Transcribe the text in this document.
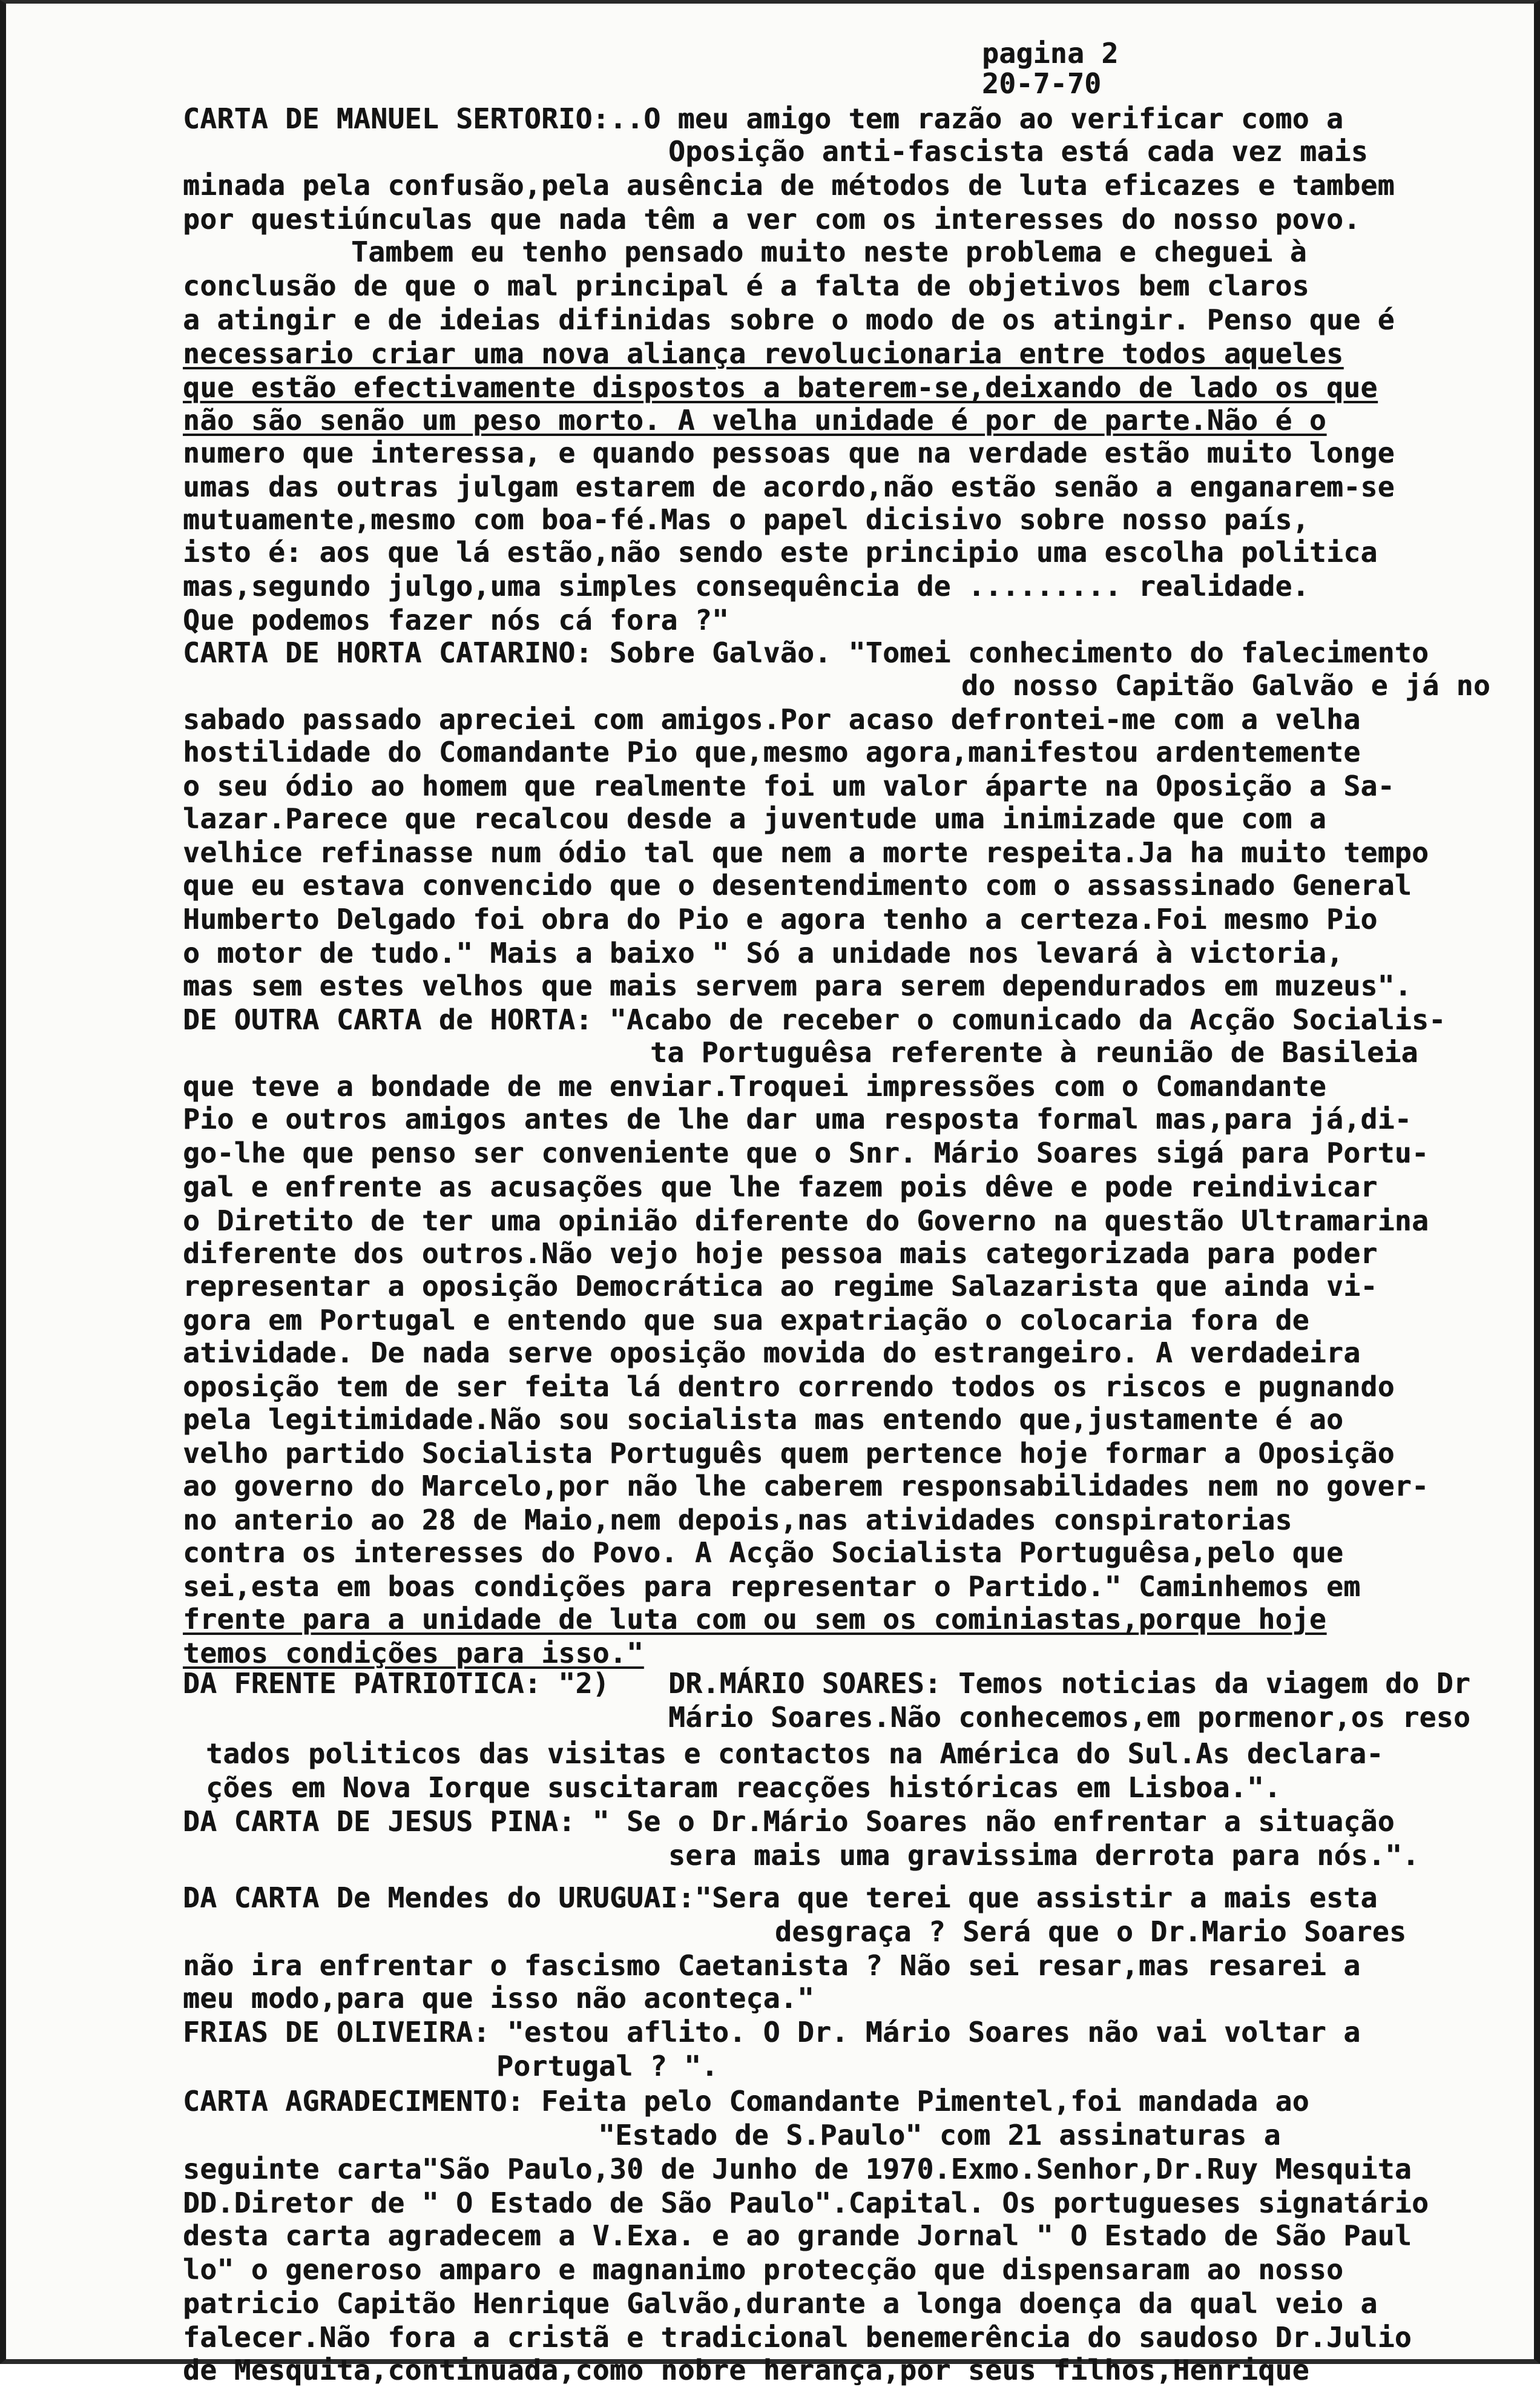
pagina 2
20-7-70
CARTA DE MANUEL SERTORIO:..O meu amigo tem razão ao verificar como a
Oposição anti-fascista está cada vez mais
minada pela confusão,pela ausência de métodos de luta eficazes e tambem
por questiúnculas que nada têm a ver com os interesses do nosso povo.
Tambem eu tenho pensado muito neste problema e cheguei à
conclusão de que o mal principal é a falta de objetivos bem claros
a atingir e de ideias difinidas sobre o modo de os atingir. Penso que é
necessario criar uma nova aliança revolucionaria entre todos aqueles
que estão efectivamente dispostos a baterem-se,deixando de lado os que
não são senão um peso morto. A velha unidade é por de parte.Não é o
numero que interessa, e quando pessoas que na verdade estão muito longe
umas das outras julgam estarem de acordo,não estão senão a enganarem-se
mutuamente,mesmo com boa-fé.Mas o papel dicisivo sobre nosso país,
isto é: aos que lá estão,não sendo este principio uma escolha politica
mas,segundo julgo,uma simples consequência de ......... realidade.
Que podemos fazer nós cá fora ?"
CARTA DE HORTA CATARINO: Sobre Galvão. "Tomei conhecimento do falecimento
do nosso Capitão Galvão e já no
sabado passado apreciei com amigos.Por acaso defrontei-me com a velha
hostilidade do Comandante Pio que,mesmo agora,manifestou ardentemente
o seu ódio ao homem que realmente foi um valor áparte na Oposição a Sa-
lazar.Parece que recalcou desde a juventude uma inimizade que com a
velhice refinasse num ódio tal que nem a morte respeita.Ja ha muito tempo
que eu estava convencido que o desentendimento com o assassinado General
Humberto Delgado foi obra do Pio e agora tenho a certeza.Foi mesmo Pio
o motor de tudo." Mais a baixo " Só a unidade nos levará à victoria,
mas sem estes velhos que mais servem para serem dependurados em muzeus".
DE OUTRA CARTA de HORTA: "Acabo de receber o comunicado da Acção Socialis-
ta Portuguêsa referente à reunião de Basileia
que teve a bondade de me enviar.Troquei impressões com o Comandante
Pio e outros amigos antes de lhe dar uma resposta formal mas,para já,di-
go-lhe que penso ser conveniente que o Snr. Mário Soares sigá para Portu-
gal e enfrente as acusações que lhe fazem pois dêve e pode reindivicar
o Diretito de ter uma opinião diferente do Governo na questão Ultramarina
diferente dos outros.Não vejo hoje pessoa mais categorizada para poder
representar a oposição Democrática ao regime Salazarista que ainda vi-
gora em Portugal e entendo que sua expatriação o colocaria fora de
atividade. De nada serve oposição movida do estrangeiro. A verdadeira
oposição tem de ser feita lá dentro correndo todos os riscos e pugnando
pela legitimidade.Não sou socialista mas entendo que,justamente é ao
velho partido Socialista Português quem pertence hoje formar a Oposição
ao governo do Marcelo,por não lhe caberem responsabilidades nem no gover-
no anterio ao 28 de Maio,nem depois,nas atividades conspiratorias
contra os interesses do Povo. A Acção Socialista Portuguêsa,pelo que
sei,esta em boas condições para representar o Partido." Caminhemos em
frente para a unidade de luta com ou sem os cominiastas,porque hoje
temos condições para isso."
DA FRENTE PATRIOTICA: "2) DR.MÁRIO SOARES: Temos noticias da viagem do Dr
Mário Soares.Não conhecemos,em pormenor,os reso
tados politicos das visitas e contactos na América do Sul.As declara-
ções em Nova Iorque suscitaram reacções históricas em Lisboa.".
DA CARTA DE JESUS PINA: " Se o Dr.Mário Soares não enfrentar a situação
sera mais uma gravissima derrota para nós.".
DA CARTA De Mendes do URUGUAI:"Sera que terei que assistir a mais esta
desgraça ? Será que o Dr.Mario Soares
não ira enfrentar o fascismo Caetanista ? Não sei resar,mas resarei a
meu modo,para que isso não aconteça."
FRIAS DE OLIVEIRA: "estou aflito. O Dr. Mário Soares não vai voltar a
Portugal ? ".
CARTA AGRADECIMENTO: Feita pelo Comandante Pimentel,foi mandada ao
"Estado de S.Paulo" com 21 assinaturas a
seguinte carta"São Paulo,30 de Junho de 1970.Exmo.Senhor,Dr.Ruy Mesquita
DD.Diretor de " O Estado de São Paulo".Capital. Os portugueses signatário
desta carta agradecem a V.Exa. e ao grande Jornal " O Estado de São Paul
lo" o generoso amparo e magnanimo protecção que dispensaram ao nosso
patricio Capitão Henrique Galvão,durante a longa doença da qual veio a
falecer.Não fora a cristã e tradicional benemerência do saudoso Dr.Julio
de Mesquita,continuada,como nobre herança,por seus filhos,Henrique
